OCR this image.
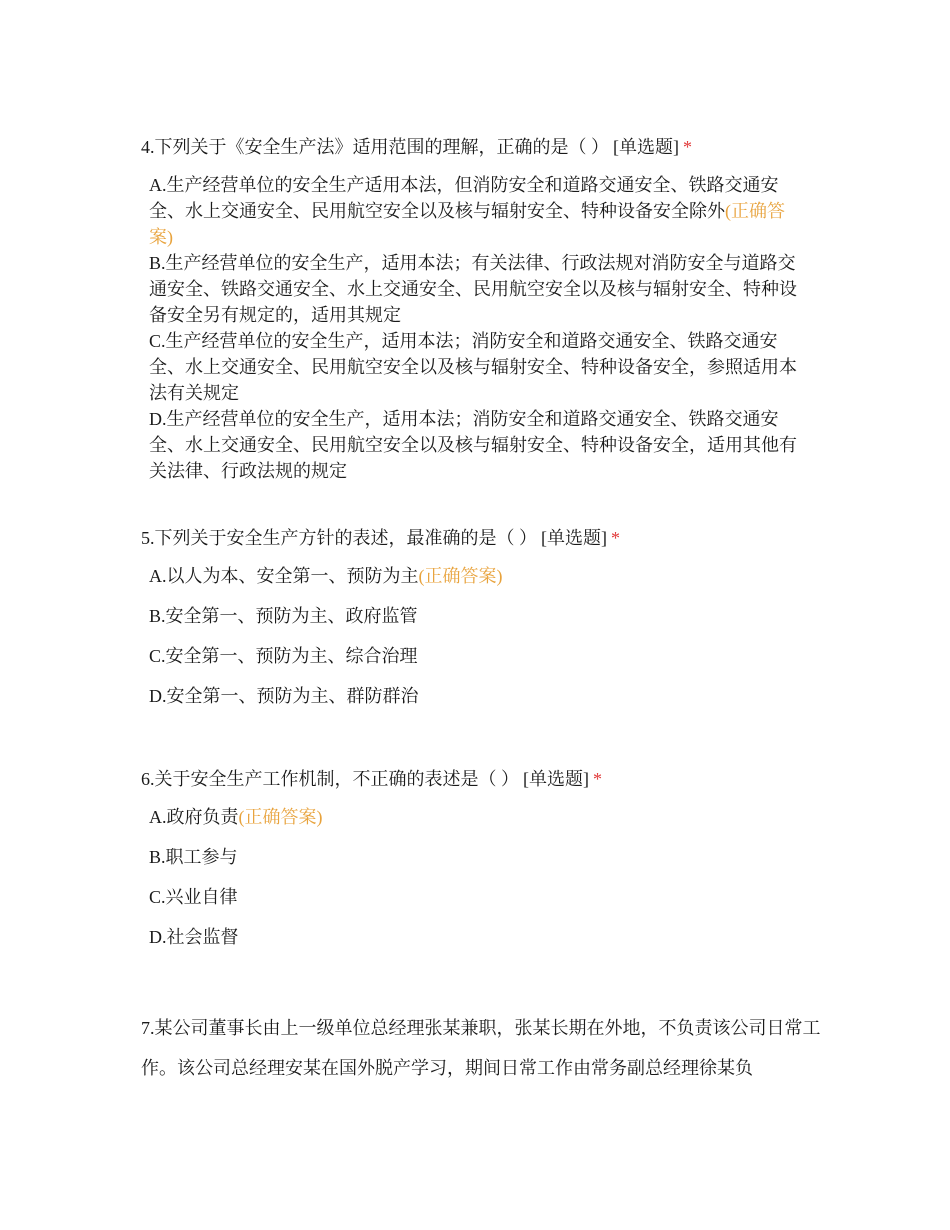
4.下列关于《安全生产法》适用范围的理解，正确的是（ ） [单选题] *

A.生产经营单位的安全生产适用本法，但消防安全和道路交通安全、铁路交通安全、水上交通安全、民用航空安全以及核与辐射安全、特种设备安全除外(正确答案)

B.生产经营单位的安全生产，适用本法；有关法律、行政法规对消防安全与道路交通安全、铁路交通安全、水上交通安全、民用航空安全以及核与辐射安全、特种设备安全另有规定的，适用其规定

C.生产经营单位的安全生产，适用本法；消防安全和道路交通安全、铁路交通安全、水上交通安全、民用航空安全以及核与辐射安全、特种设备安全，参照适用本法有关规定

D.生产经营单位的安全生产，适用本法；消防安全和道路交通安全、铁路交通安全、水上交通安全、民用航空安全以及核与辐射安全、特种设备安全，适用其他有关法律、行政法规的规定

5.下列关于安全生产方针的表述，最准确的是（ ） [单选题] *

A.以人为本、安全第一、预防为主(正确答案)

B.安全第一、预防为主、政府监管

C.安全第一、预防为主、综合治理

D.安全第一、预防为主、群防群治

6.关于安全生产工作机制，不正确的表述是（ ） [单选题] *

A.政府负责(正确答案)

B.职工参与

C.兴业自律

D.社会监督

7.某公司董事长由上一级单位总经理张某兼职，张某长期在外地，不负责该公司日常工作。该公司总经理安某在国外脱产学习，期间日常工作由常务副总经理徐某负
